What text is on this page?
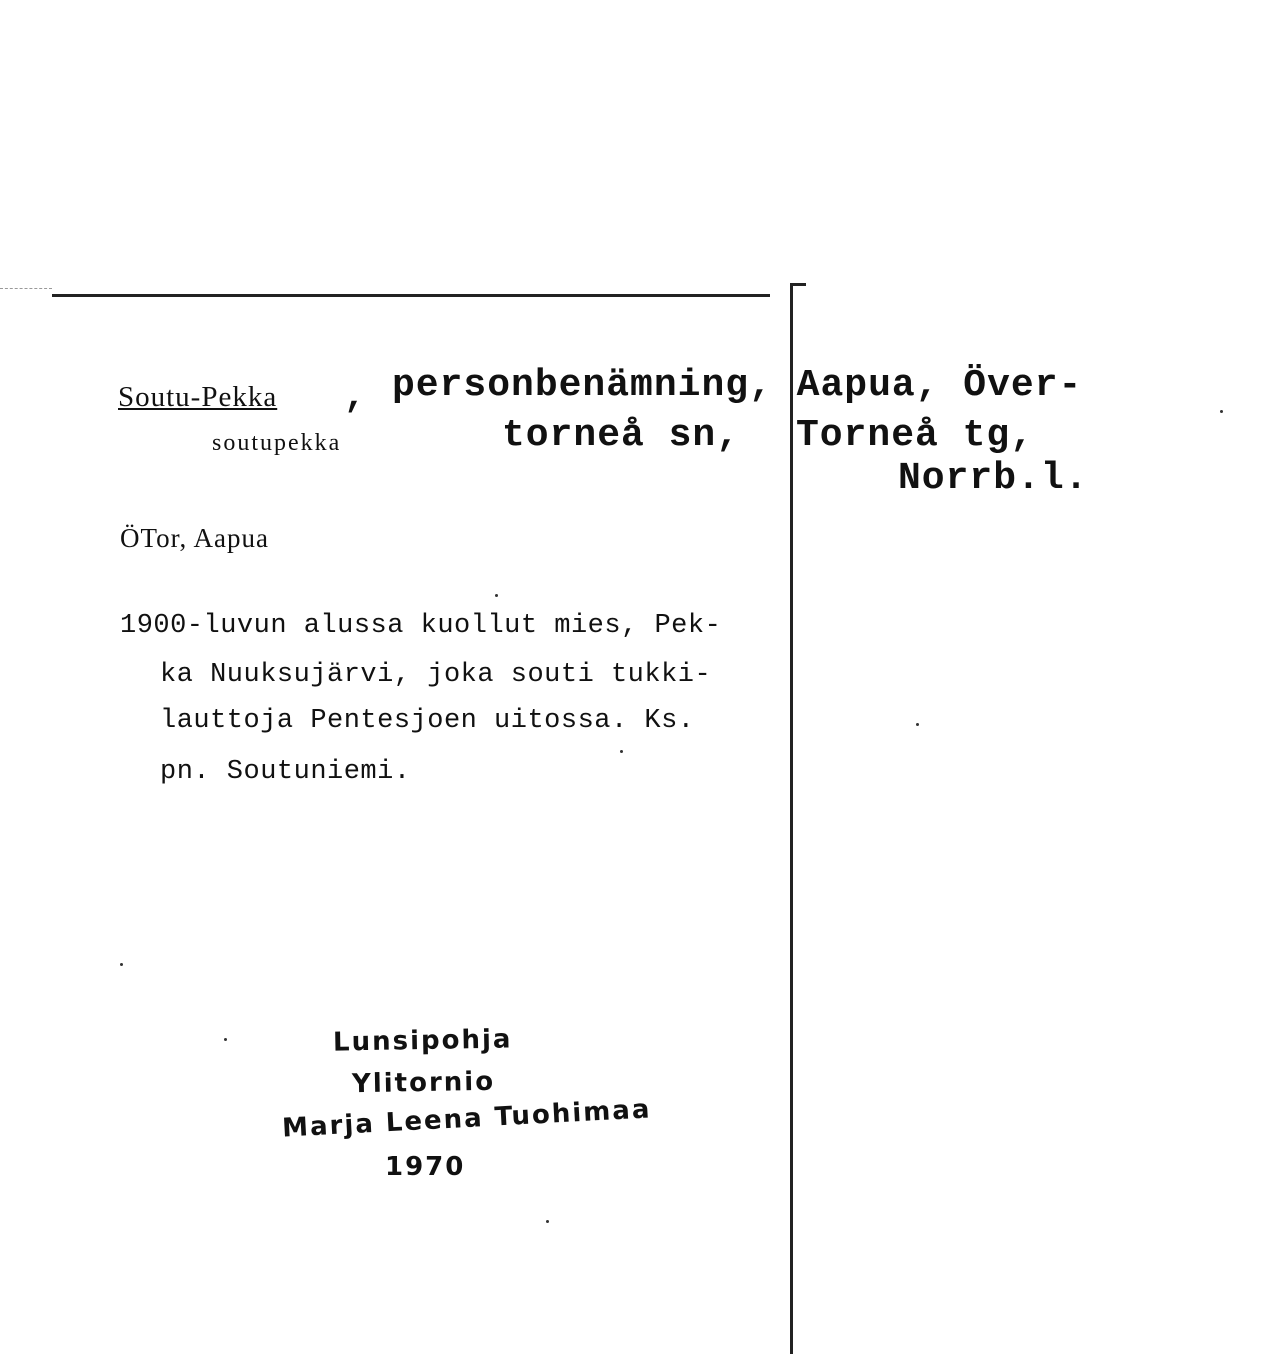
Soutu-Pekka ,
soutupekka
personbenämning, Aapua, Över-
torneå sn, Torneå tg,
Norrb.l.
ÖTor, Aapua
1900-luvun alussa kuollut mies, Pek-
ka Nuuksujärvi, joka souti tukki-
lauttoja Pentesjoen uitossa. Ks.
pn. Soutuniemi.
Lunsipohja
Ylitornio
Marja Leena Tuohimaa
1970
